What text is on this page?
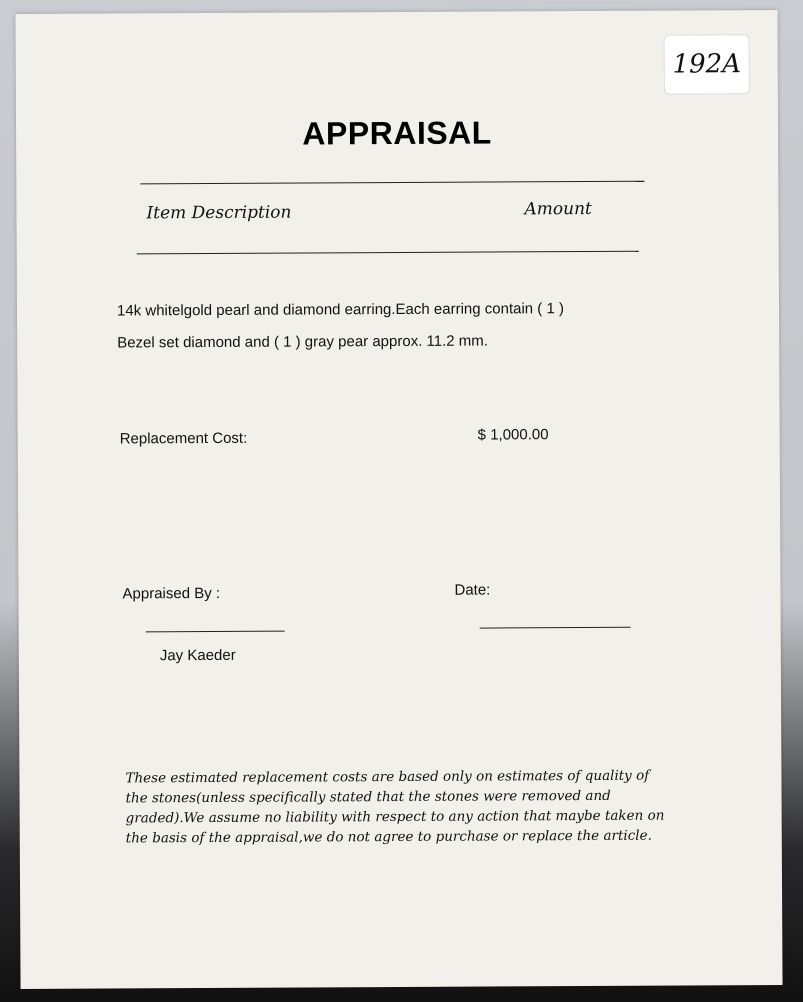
192A
APPRAISAL
Item Description	Amount
14k whitelgold pearl and diamond earring.Each earring contain ( 1 )
Bezel set diamond and ( 1 ) gray pear approx. 11.2 mm.
Replacement Cost:	$ 1,000.00
Appraised By :	Date:
Jay Kaeder
These estimated replacement costs are based only on estimates of quality of the stones(unless specifically stated that the stones were removed and graded).We assume no liability with respect to any action that maybe taken on the basis of the appraisal,we do not agree to purchase or replace the article.
